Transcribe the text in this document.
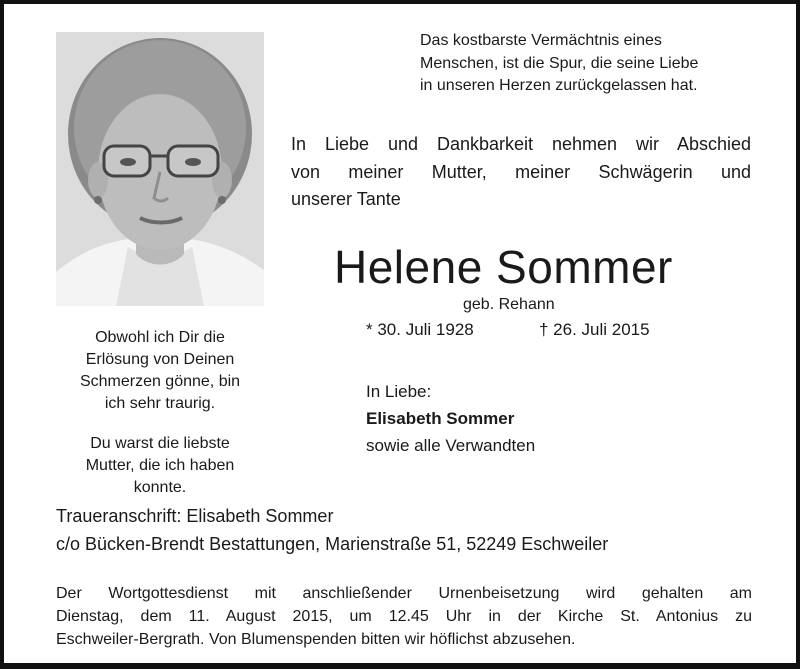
Das kostbarste Vermächtnis eines
Menschen, ist die Spur, die seine Liebe
in unseren Herzen zurückgelassen hat.
In Liebe und Dankbarkeit nehmen wir Abschied
von meiner Mutter, meiner Schwägerin und
unserer Tante
Helene Sommer
geb. Rehann
* 30. Juli 1928	† 26. Juli 2015

Obwohl ich Dir die
Erlösung von Deinen
Schmerzen gönne, bin
ich sehr traurig.

Du warst die liebste
Mutter, die ich haben
konnte.

In Liebe:
Elisabeth Sommer
sowie alle Verwandten
Traueranschrift: Elisabeth Sommer
c/o Bücken-Brendt Bestattungen, Marienstraße 51, 52249 Eschweiler
Der Wortgottesdienst mit anschließender Urnenbeisetzung wird gehalten am
Dienstag, dem 11. August 2015, um 12.45 Uhr in der Kirche St. Antonius zu
Eschweiler-Bergrath. Von Blumenspenden bitten wir höflichst abzusehen.
